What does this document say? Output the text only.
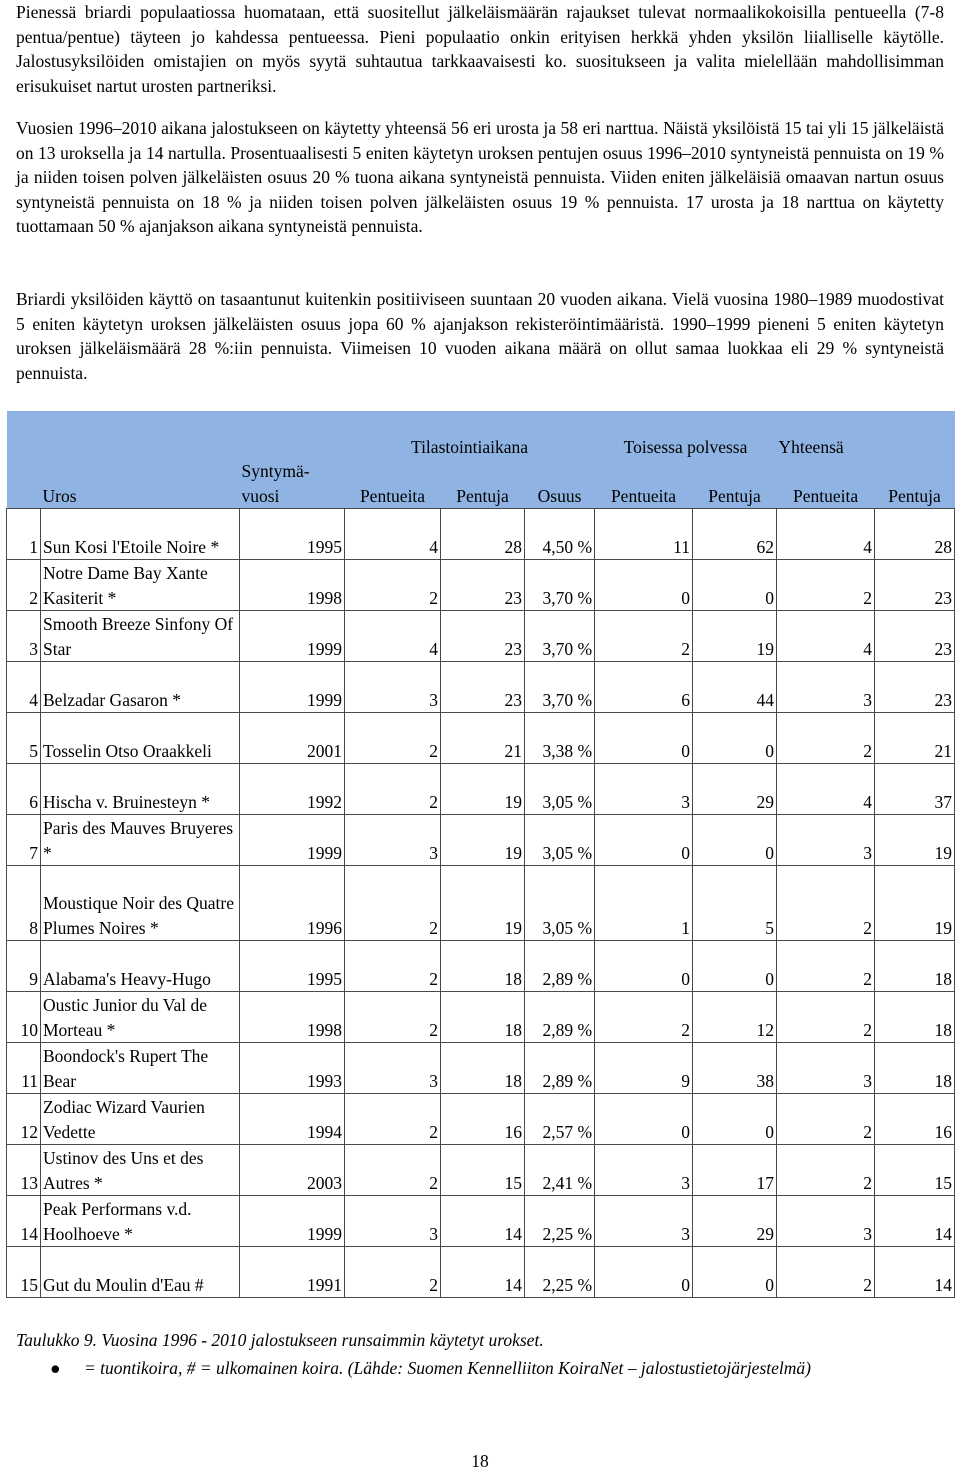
Pienessä briardi populaatiossa huomataan, että suositellut jälkeläismäärän rajaukset tulevat normaalikokoisilla pentueella (7-8 pentua/pentue) täyteen jo kahdessa pentueessa. Pieni populaatio onkin erityisen herkkä yhden yksilön liialliselle käytölle. Jalostusyksilöiden omistajien on myös syytä suhtautua tarkkaavaisesti ko. suositukseen ja valita mielellään mahdollisimman erisukuiset nartut urosten partneriksi.

Vuosien 1996–2010 aikana jalostukseen on käytetty yhteensä 56 eri urosta ja 58 eri narttua. Näistä yksilöistä 15 tai yli 15 jälkeläistä on 13 uroksella ja 14 nartulla. Prosentuaalisesti 5 eniten käytetyn uroksen pentujen osuus 1996–2010 syntyneistä pennuista on 19 % ja niiden toisen polven jälkeläisten osuus 20 % tuona aikana syntyneistä pennuista. Viiden eniten jälkeläisiä omaavan nartun osuus syntyneistä pennuista on 18 % ja niiden toisen polven jälkeläisten osuus 19 % pennuista. 17 urosta ja 18 narttua on käytetty tuottamaan 50 % ajanjakson aikana syntyneistä pennuista.

Briardi yksilöiden käyttö on tasaantunut kuitenkin positiiviseen suuntaan 20 vuoden aikana. Vielä vuosina 1980–1989 muodostivat 5 eniten käytetyn uroksen jälkeläisten osuus jopa 60 % ajanjakson rekisteröintimääristä. 1990–1999 pieneni 5 eniten käytetyn uroksen jälkeläismäärä 28 %:iin pennuista. Viimeisen 10 vuoden aikana määrä on ollut samaa luokkaa eli 29 % syntyneistä pennuista.

			Tilastointiaikana			Toisessa polvessa		Yhteensä	
	Uros	Syntymä-vuosi	Pentueita	Pentuja	Osuus	Pentueita	Pentuja	Pentueita	Pentuja
1	Sun Kosi l'Etoile Noire *	1995	4	28	4,50 %	11	62	4	28
2	Notre Dame Bay Xante Kasiterit *	1998	2	23	3,70 %	0	0	2	23
3	Smooth Breeze Sinfony Of Star	1999	4	23	3,70 %	2	19	4	23
4	Belzadar Gasaron *	1999	3	23	3,70 %	6	44	3	23
5	Tosselin Otso Oraakkeli	2001	2	21	3,38 %	0	0	2	21
6	Hischa v. Bruinesteyn *	1992	2	19	3,05 %	3	29	4	37
7	Paris des Mauves Bruyeres *	1999	3	19	3,05 %	0	0	3	19
8	Moustique Noir des Quatre Plumes Noires *	1996	2	19	3,05 %	1	5	2	19
9	Alabama's Heavy-Hugo	1995	2	18	2,89 %	0	0	2	18
10	Oustic Junior du Val de Morteau *	1998	2	18	2,89 %	2	12	2	18
11	Boondock's Rupert The Bear	1993	3	18	2,89 %	9	38	3	18
12	Zodiac Wizard Vaurien Vedette	1994	2	16	2,57 %	0	0	2	16
13	Ustinov des Uns et des Autres *	2003	2	15	2,41 %	3	17	2	15
14	Peak Performans v.d. Hoolhoeve *	1999	3	14	2,25 %	3	29	3	14
15	Gut du Moulin d'Eau #	1991	2	14	2,25 %	0	0	2	14

Taulukko 9. Vuosina 1996 - 2010 jalostukseen runsaimmin käytetyt urokset.

● = tuontikoira, # = ulkomainen koira. (Lähde: Suomen Kennelliiton KoiraNet – jalostustietojärjestelmä)
18
